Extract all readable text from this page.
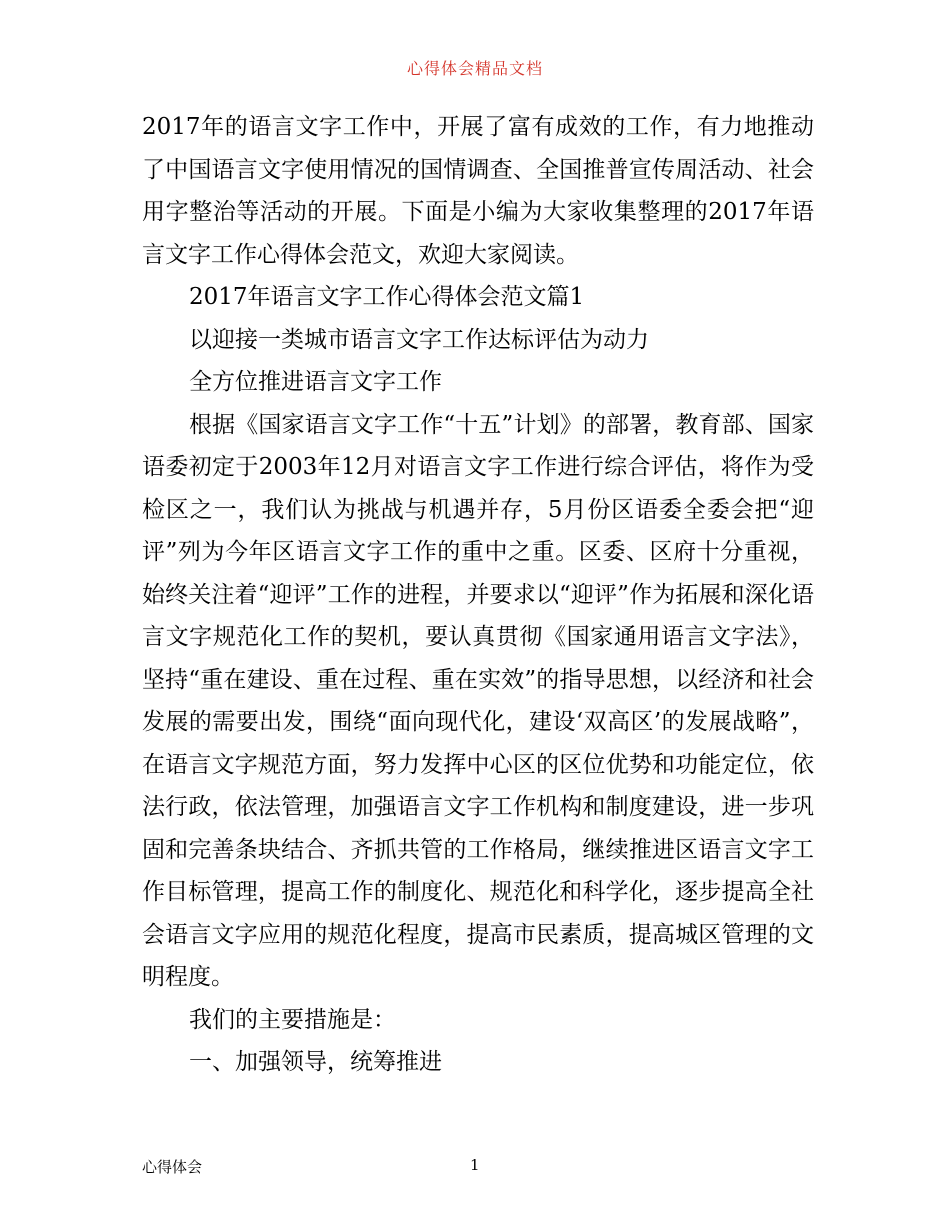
心得体会精品文档

2017年的语言文字工作中，开展了富有成效的工作，有力地推动了中国语言文字使用情况的国情调查、全国推普宣传周活动、社会用字整治等活动的开展。下面是小编为大家收集整理的2017年语言文字工作心得体会范文，欢迎大家阅读。

2017年语言文字工作心得体会范文篇1

以迎接一类城市语言文字工作达标评估为动力

全方位推进语言文字工作

根据《国家语言文字工作“十五”计划》的部署，教育部、国家语委初定于2003年12月对语言文字工作进行综合评估，将作为受检区之一，我们认为挑战与机遇并存，5月份区语委全委会把“迎评”列为今年区语言文字工作的重中之重。区委、区府十分重视，始终关注着“迎评”工作的进程，并要求以“迎评”作为拓展和深化语言文字规范化工作的契机，要认真贯彻《国家通用语言文字法》，坚持“重在建设、重在过程、重在实效”的指导思想，以经济和社会发展的需要出发，围绕“面向现代化，建设‘双高区’的发展战略”，在语言文字规范方面，努力发挥中心区的区位优势和功能定位，依法行政，依法管理，加强语言文字工作机构和制度建设，进一步巩固和完善条块结合、齐抓共管的工作格局，继续推进区语言文字工作目标管理，提高工作的制度化、规范化和科学化，逐步提高全社会语言文字应用的规范化程度，提高市民素质，提高城区管理的文明程度。

我们的主要措施是：

一、加强领导，统筹推进

心得体会	1
